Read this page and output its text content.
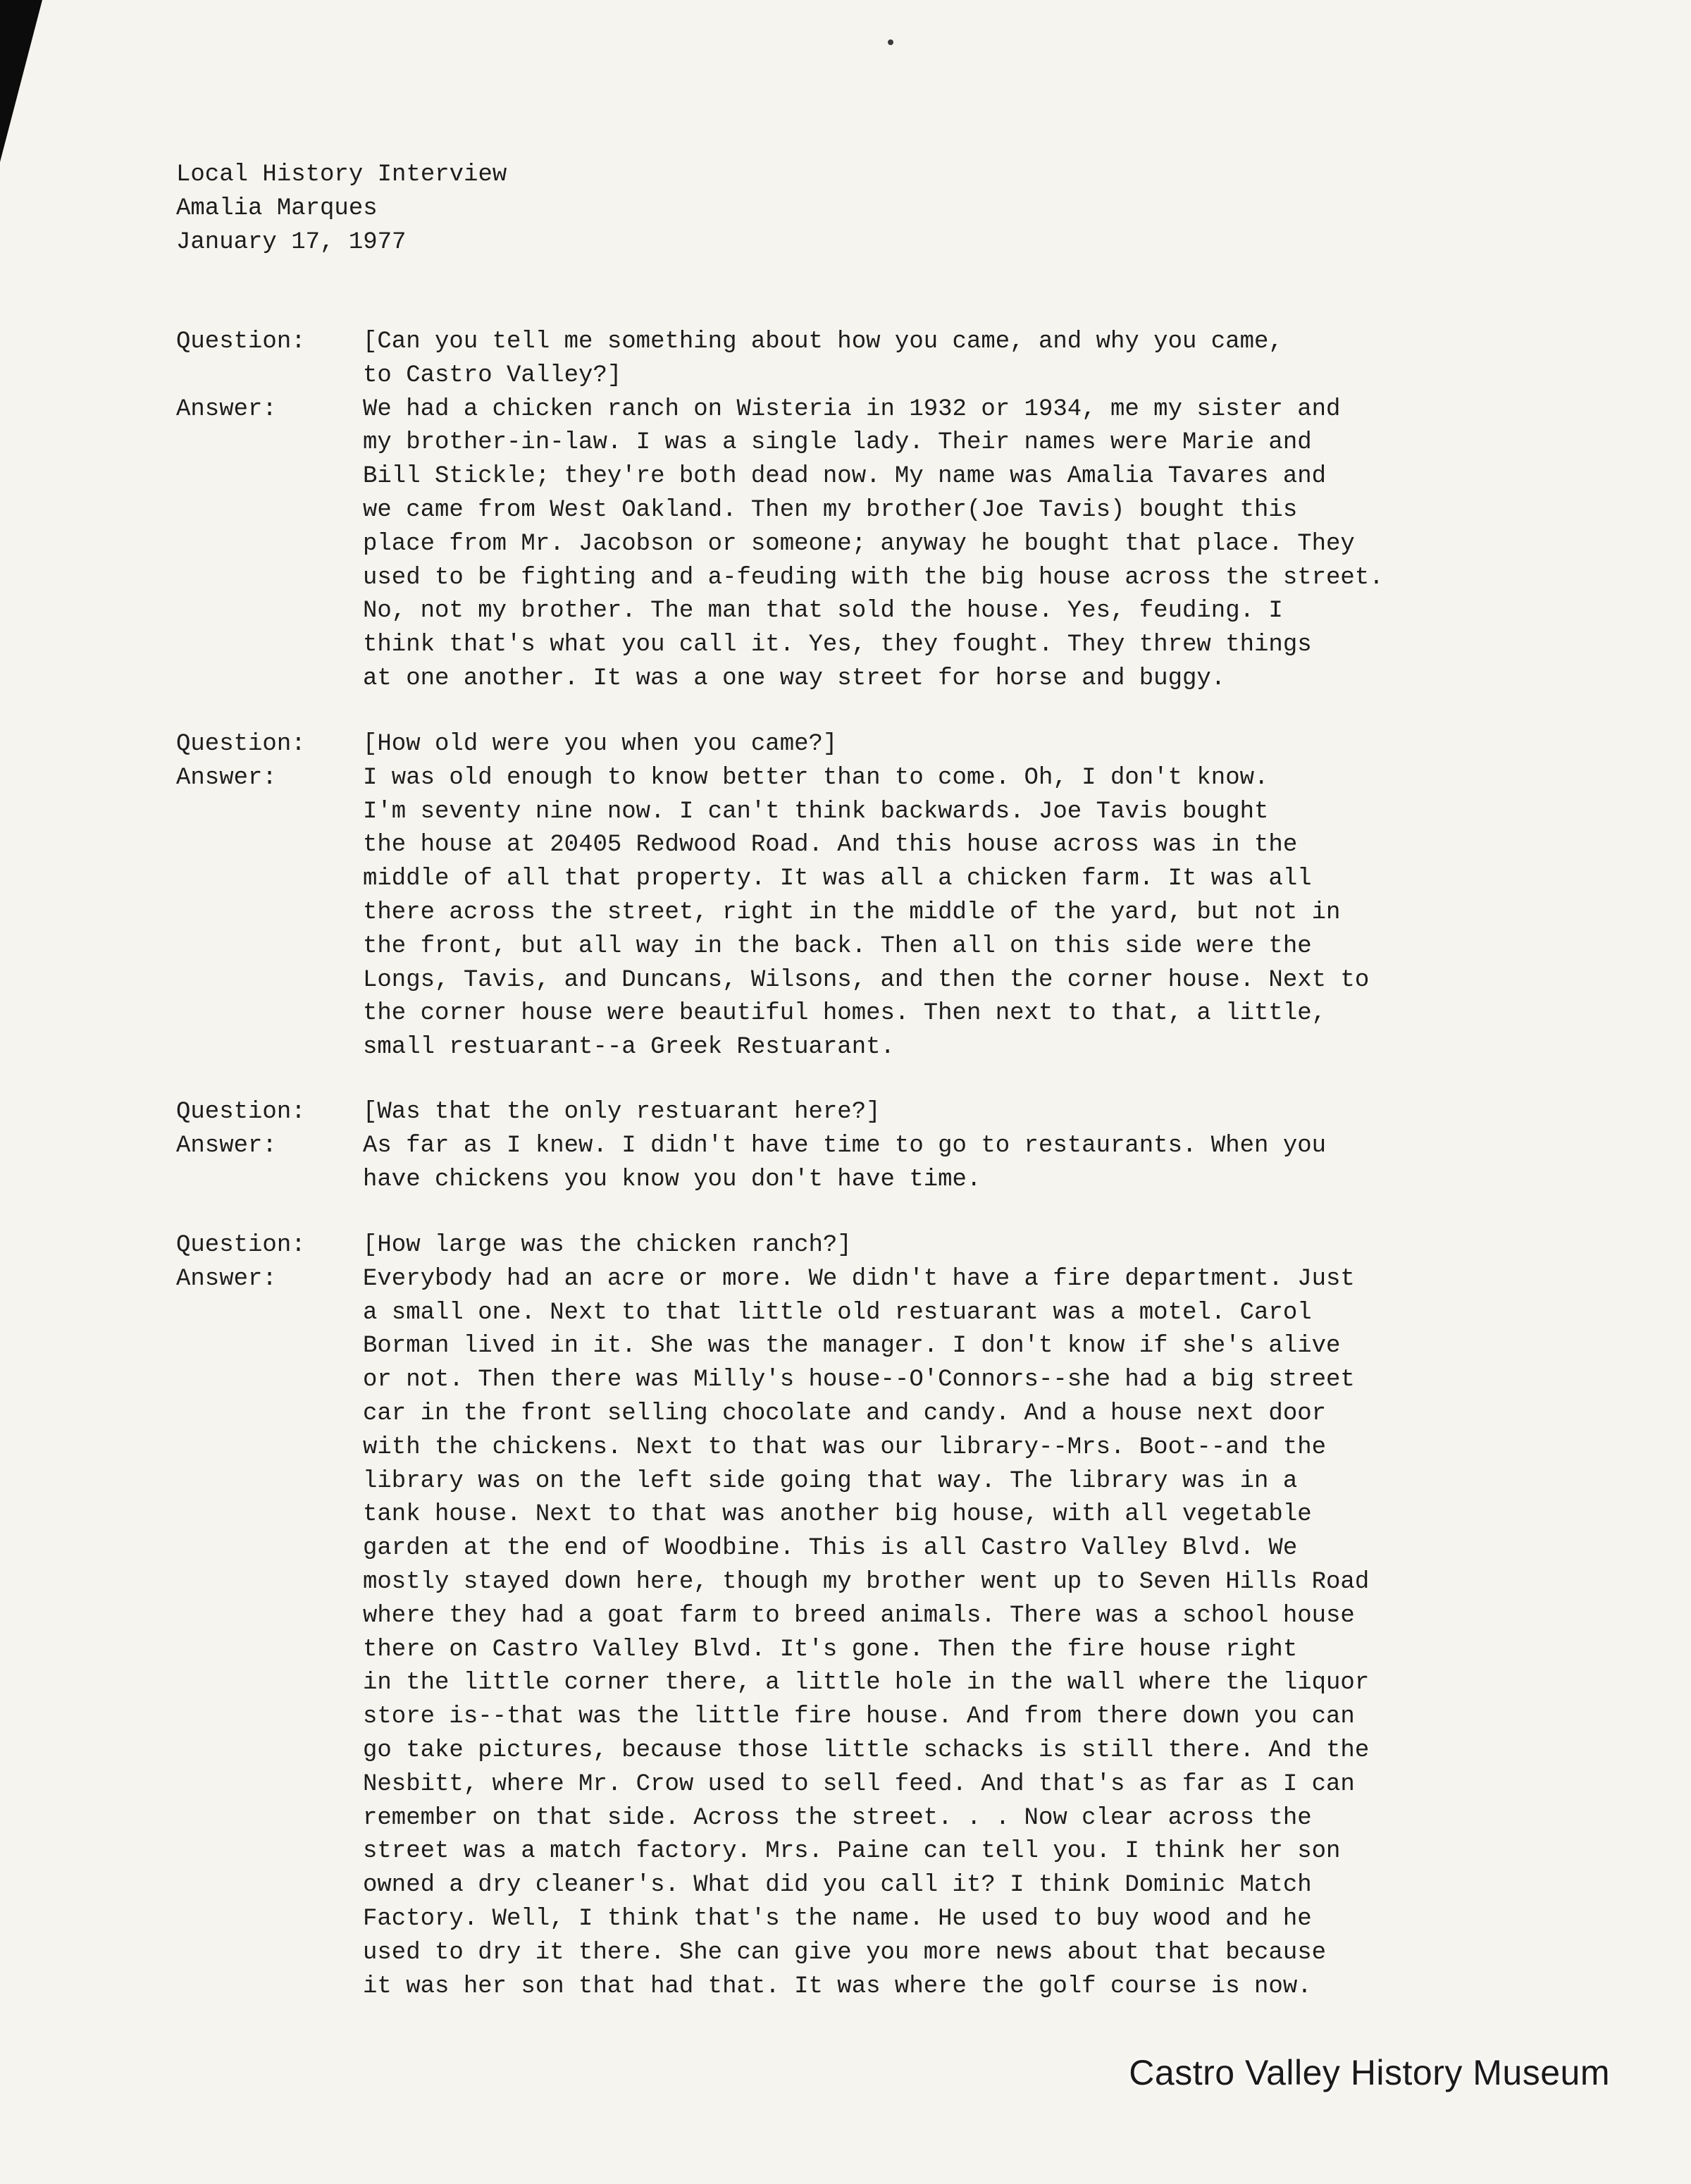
Local History Interview
Amalia Marques
January 17, 1977
Question: [Can you tell me something about how you came, and why you came,
to Castro Valley?]
Answer:	We had a chicken ranch on Wisteria in 1932 or 1934, me my sister and
my brother-in-law. I was a single lady. Their names were Marie and
Bill Stickle; they're both dead now. My name was Amalia Tavares and
we came from West Oakland. Then my brother(Joe Tavis) bought this
place from Mr. Jacobson or someone; anyway he bought that place. They
used to be fighting and a-feuding with the big house across the street.
No, not my brother. The man that sold the house. Yes, feuding. I
think that's what you call it. Yes, they fought. They threw things
at one another. It was a one way street for horse and buggy.
Question: [How old were you when you came?]
Answer:	I was old enough to know better than to come. Oh, I don't know.
I'm seventy nine now. I can't think backwards. Joe Tavis bought
the house at 20405 Redwood Road. And this house across was in the
middle of all that property. It was all a chicken farm. It was all
there across the street, right in the middle of the yard, but not in
the front, but all way in the back. Then all on this side were the
Longs, Tavis, and Duncans, Wilsons, and then the corner house. Next to
the corner house were beautiful homes. Then next to that, a little,
small restuarant--a Greek Restuarant.
Question: [Was that the only restuarant here?]
Answer:	As far as I knew. I didn't have time to go to restaurants. When you
have chickens you know you don't have time.
Question: [How large was the chicken ranch?]
Answer:	Everybody had an acre or more. We didn't have a fire department. Just
a small one. Next to that little old restuarant was a motel. Carol
Borman lived in it. She was the manager. I don't know if she's alive
or not. Then there was Milly's house--O'Connors--she had a big street
car in the front selling chocolate and candy. And a house next door
with the chickens. Next to that was our library--Mrs. Boot--and the
library was on the left side going that way. The library was in a
tank house. Next to that was another big house, with all vegetable
garden at the end of Woodbine. This is all Castro Valley Blvd. We
mostly stayed down here, though my brother went up to Seven Hills Road
where they had a goat farm to breed animals. There was a school house
there on Castro Valley Blvd. It's gone. Then the fire house right
in the little corner there, a little hole in the wall where the liquor
store is--that was the little fire house. And from there down you can
go take pictures, because those little schacks is still there. And the
Nesbitt, where Mr. Crow used to sell feed. And that's as far as I can
remember on that side. Across the street. . . Now clear across the
street was a match factory. Mrs. Paine can tell you. I think her son
owned a dry cleaner's. What did you call it? I think Dominic Match
Factory. Well, I think that's the name. He used to buy wood and he
used to dry it there. She can give you more news about that because
it was her son that had that. It was where the golf course is now.
Castro Valley History Museum
